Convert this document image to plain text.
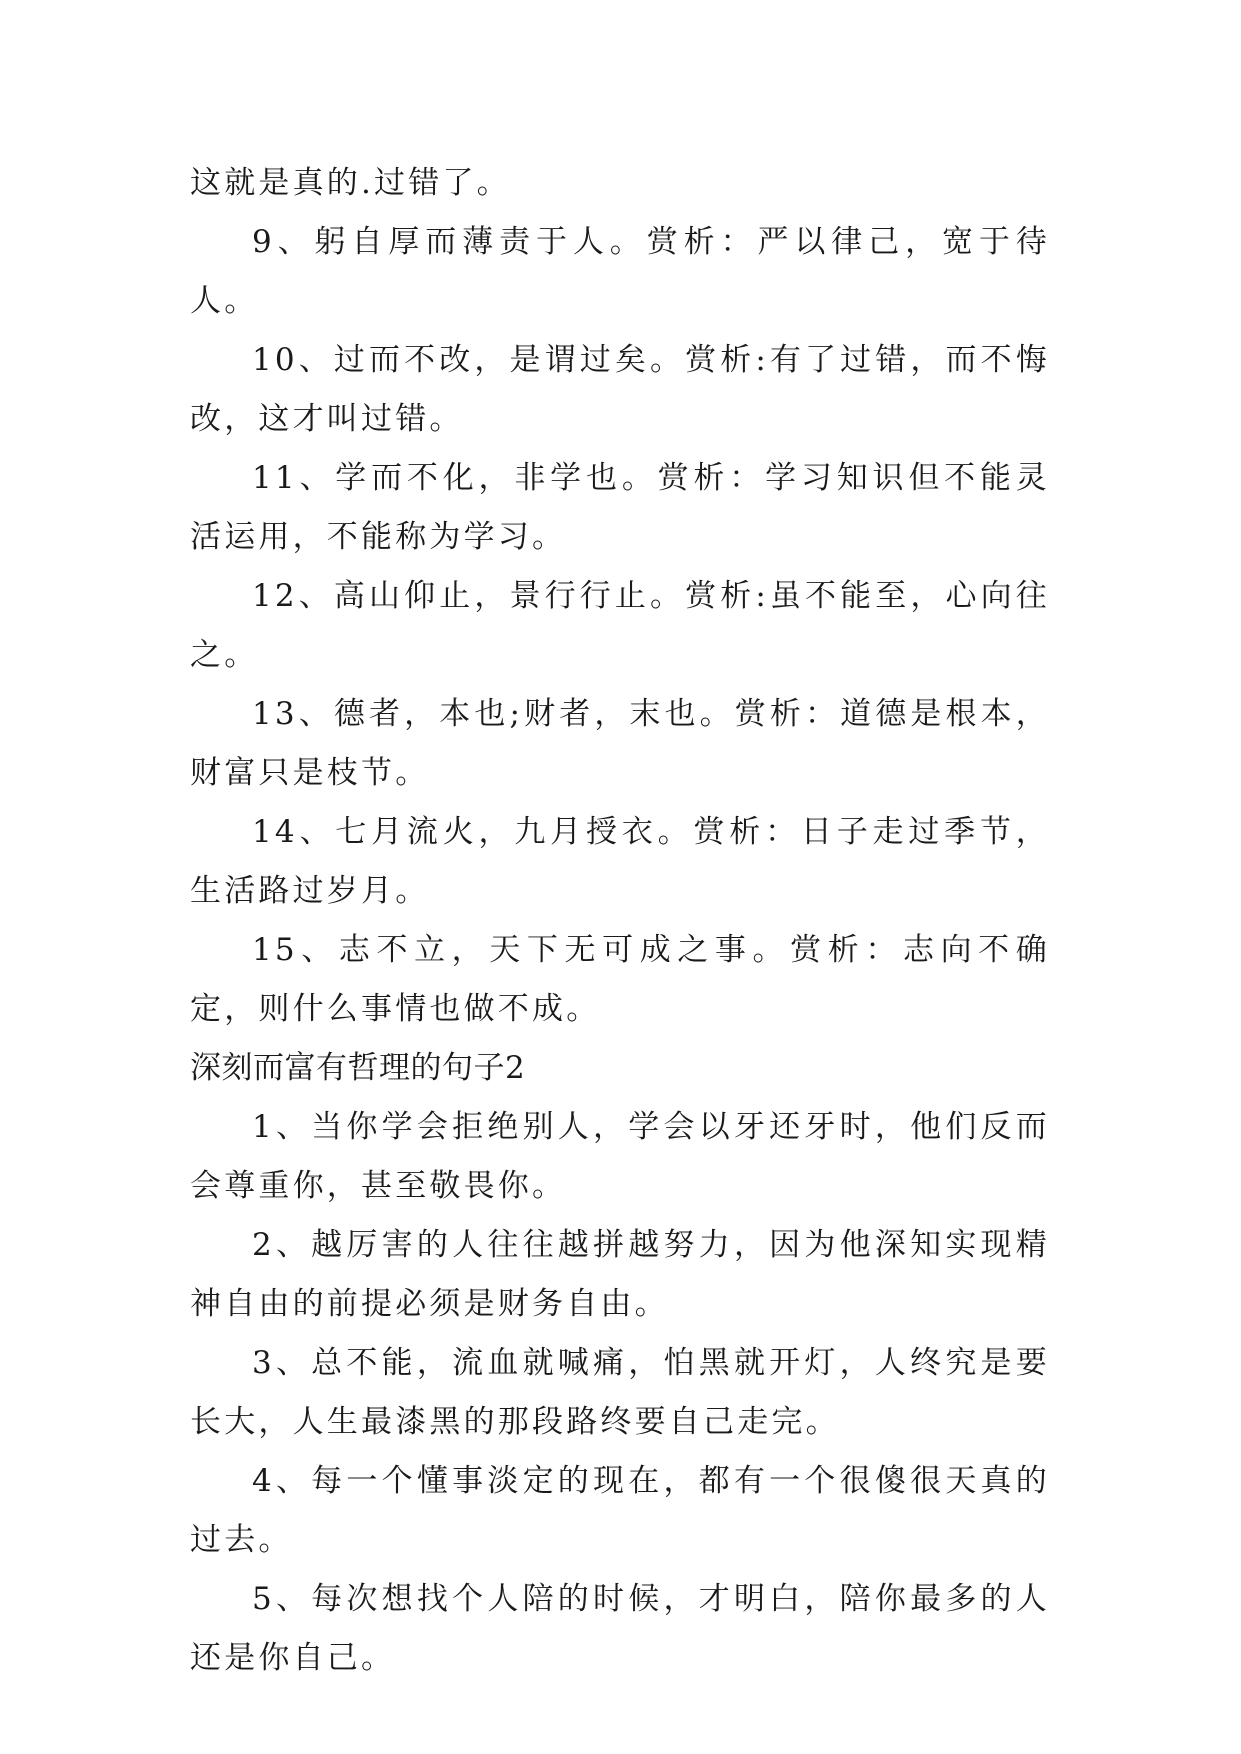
这就是真的.过错了。

9、躬自厚而薄责于人。赏析：严以律己，宽于待人。

10、过而不改，是谓过矣。赏析:有了过错，而不悔改，这才叫过错。

11、学而不化，非学也。赏析：学习知识但不能灵活运用，不能称为学习。

12、高山仰止，景行行止。赏析:虽不能至，心向往之。

13、德者，本也;财者，末也。赏析：道德是根本，财富只是枝节。

14、七月流火，九月授衣。赏析：日子走过季节，生活路过岁月。

15、志不立，天下无可成之事。赏析：志向不确定，则什么事情也做不成。

深刻而富有哲理的句子2

1、当你学会拒绝别人，学会以牙还牙时，他们反而会尊重你，甚至敬畏你。

2、越厉害的人往往越拼越努力，因为他深知实现精神自由的前提必须是财务自由。

3、总不能，流血就喊痛，怕黑就开灯，人终究是要长大，人生最漆黑的那段路终要自己走完。

4、每一个懂事淡定的现在，都有一个很傻很天真的过去。

5、每次想找个人陪的时候，才明白，陪你最多的人还是你自己。
